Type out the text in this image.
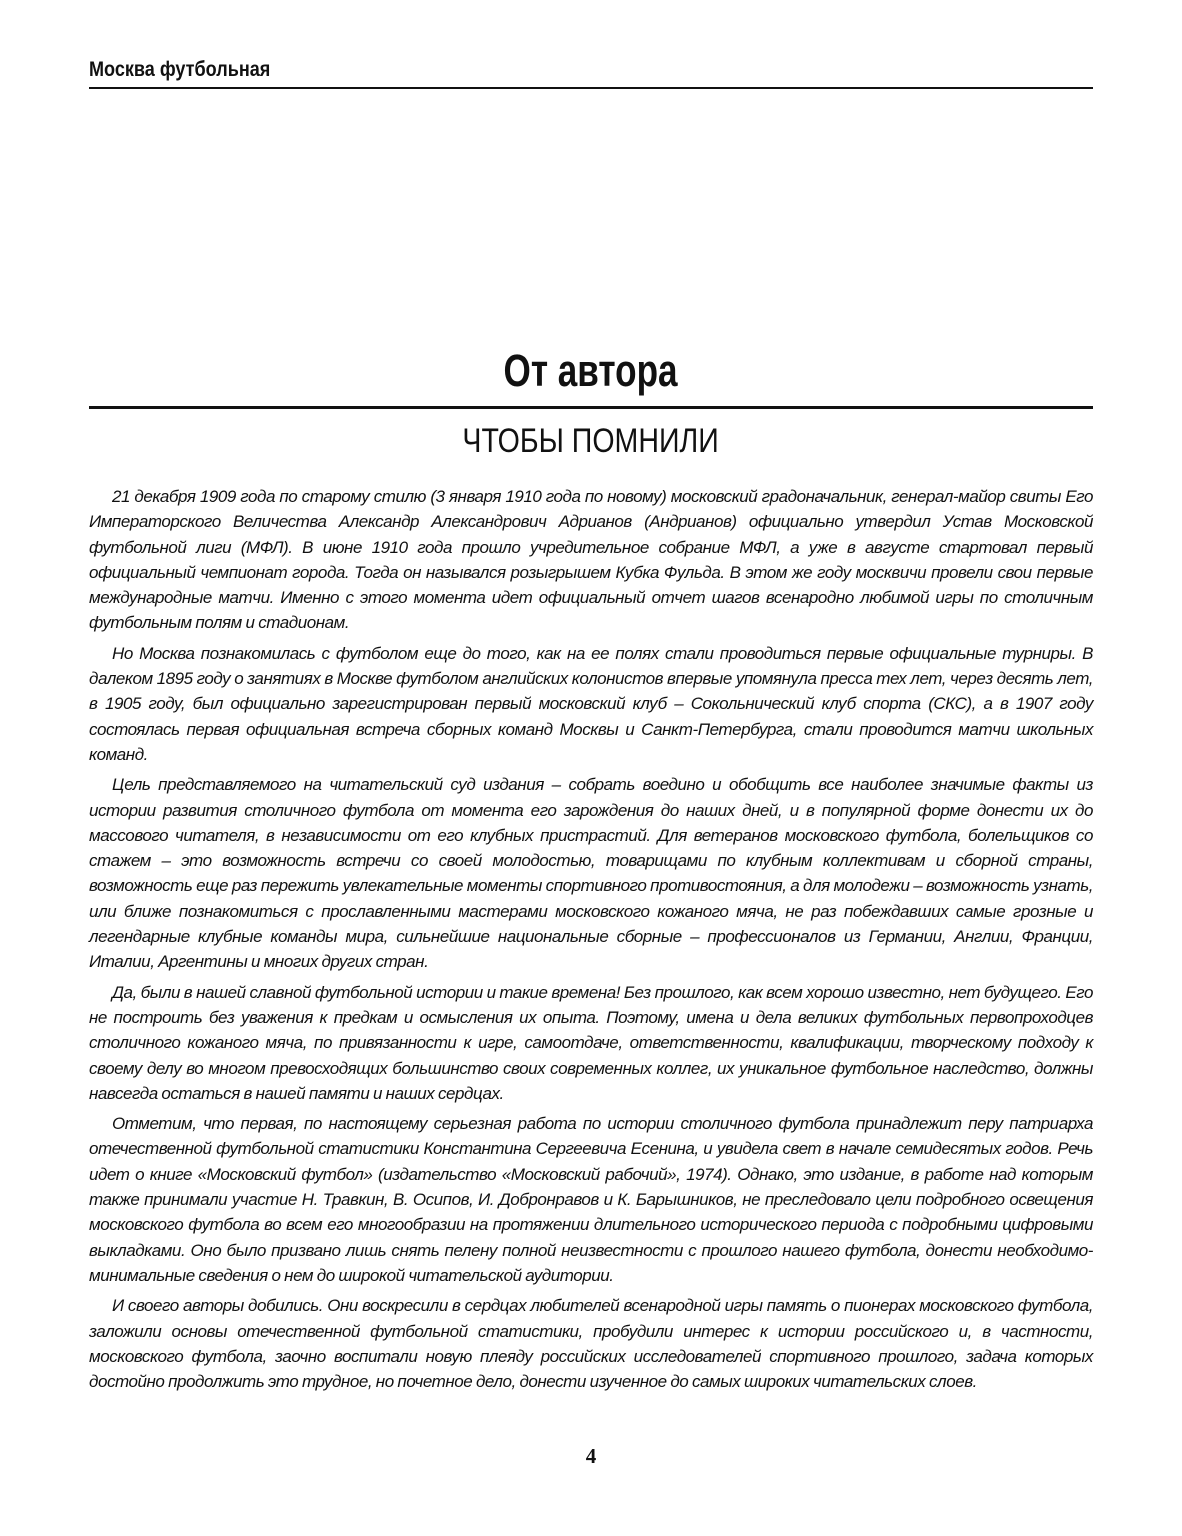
Москва футбольная
От автора
ЧТОБЫ ПОМНИЛИ

21 декабря 1909 года по старому стилю (3 января 1910 года по новому) московский градоначальник, генерал-майор свиты Его Императорского Величества Александр Александрович Адрианов (Андрианов) официально утвердил Устав Московской футбольной лиги (МФЛ). В июне 1910 года прошло учредительное собрание МФЛ, а уже в августе стартовал первый официальный чемпионат города. Тогда он назывался розыгрышем Кубка Фульда. В этом же году москвичи провели свои первые международные матчи. Именно с этого момента идет официальный отчет шагов всенародно любимой игры по столичным футбольным полям и стадионам.

Но Москва познакомилась с футболом еще до того, как на ее полях стали проводиться первые официальные турниры. В далеком 1895 году о занятиях в Москве футболом английских колонистов впервые упомянула пресса тех лет, через десять лет, в 1905 году, был официально зарегистрирован первый московский клуб – Сокольнический клуб спорта (СКС), а в 1907 году состоялась первая официальная встреча сборных команд Москвы и Санкт-Петербурга, стали проводится матчи школьных команд.

Цель представляемого на читательский суд издания – собрать воедино и обобщить все наиболее значимые факты из истории развития столичного футбола от момента его зарождения до наших дней, и в популярной форме донести их до массового читателя, в независимости от его клубных пристрастий. Для ветеранов московского футбола, болельщиков со стажем – это возможность встречи со своей молодостью, товарищами по клубным коллективам и сборной страны, возможность еще раз пережить увлекательные моменты спортивного противостояния, а для молодежи – возможность узнать, или ближе познакомиться с прославленными мастерами московского кожаного мяча, не раз побеждавших самые грозные и легендарные клубные команды мира, сильнейшие национальные сборные – профессионалов из Германии, Англии, Франции, Италии, Аргентины и многих других стран.

Да, были в нашей славной футбольной истории и такие времена! Без прошлого, как всем хорошо известно, нет будущего. Его не построить без уважения к предкам и осмысления их опыта. Поэтому, имена и дела великих футбольных первопроходцев столичного кожаного мяча, по привязанности к игре, самоотдаче, ответственности, квалификации, творческому подходу к своему делу во многом превосходящих большинство своих современных коллег, их уникальное футбольное наследство, должны навсегда остаться в нашей памяти и наших сердцах.

Отметим, что первая, по настоящему серьезная работа по истории столичного футбола принадлежит перу патриарха отечественной футбольной статистики Константина Сергеевича Есенина, и увидела свет в начале семидесятых годов. Речь идет о книге «Московский футбол» (издательство «Московский рабочий», 1974). Однако, это издание, в работе над которым также принимали участие Н. Травкин, В. Осипов, И. Добронравов и К. Барышников, не преследовало цели подробного освещения московского футбола во всем его многообразии на протяжении длительного исторического периода с подробными цифровыми выкладками. Оно было призвано лишь снять пелену полной неизвестности с прошлого нашего футбола, донести необходимо-минимальные сведения о нем до широкой читательской аудитории.

И своего авторы добились. Они воскресили в сердцах любителей всенародной игры память о пионерах московского футбола, заложили основы отечественной футбольной статистики, пробудили интерес к истории российского и, в частности, московского футбола, заочно воспитали новую плеяду российских исследователей спортивного прошлого, задача которых достойно продолжить это трудное, но почетное дело, донести изученное до самых широких читательских слоев.

4
